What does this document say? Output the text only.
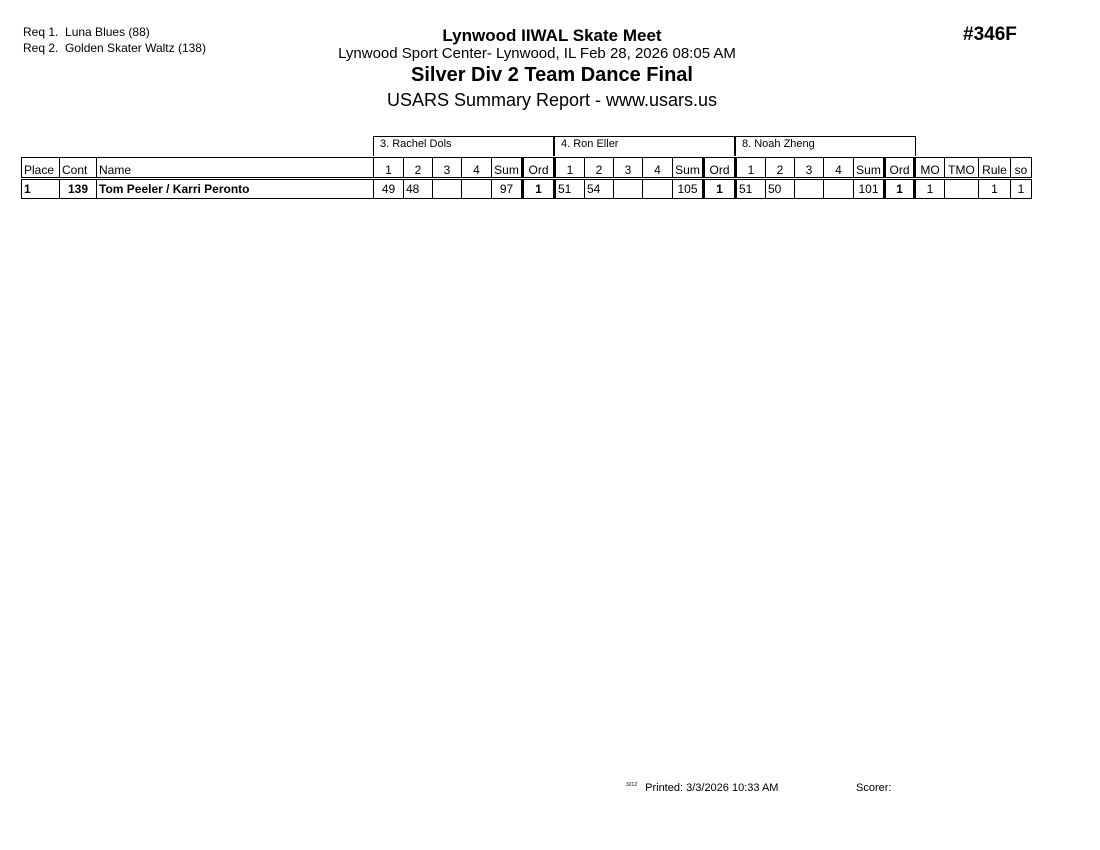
Req 1. Luna Blues (88)
Req 2. Golden Skater Waltz (138)
Lynwood IIWAL Skate Meet
Lynwood Sport Center- Lynwood, IL Feb 28, 2026 08:05 AM
Silver Div 2 Team Dance Final
USARS Summary Report - www.usars.us
#346F
3. Rachel Dols	4. Ron Eller	8. Noah Zheng
Place	Cont	Name	1	2	3	4	Sum	Ord	1	2	3	4	Sum	Ord	1	2	3	4	Sum	Ord	MO	TMO	Rule	so
1	139	Tom Peeler / Karri Peronto	49	48			97	1	51	54			105	1	51	50			101	1	1		1	1
$^{3212}$ Printed: 3/3/2026 10:33 AM	Scorer:
